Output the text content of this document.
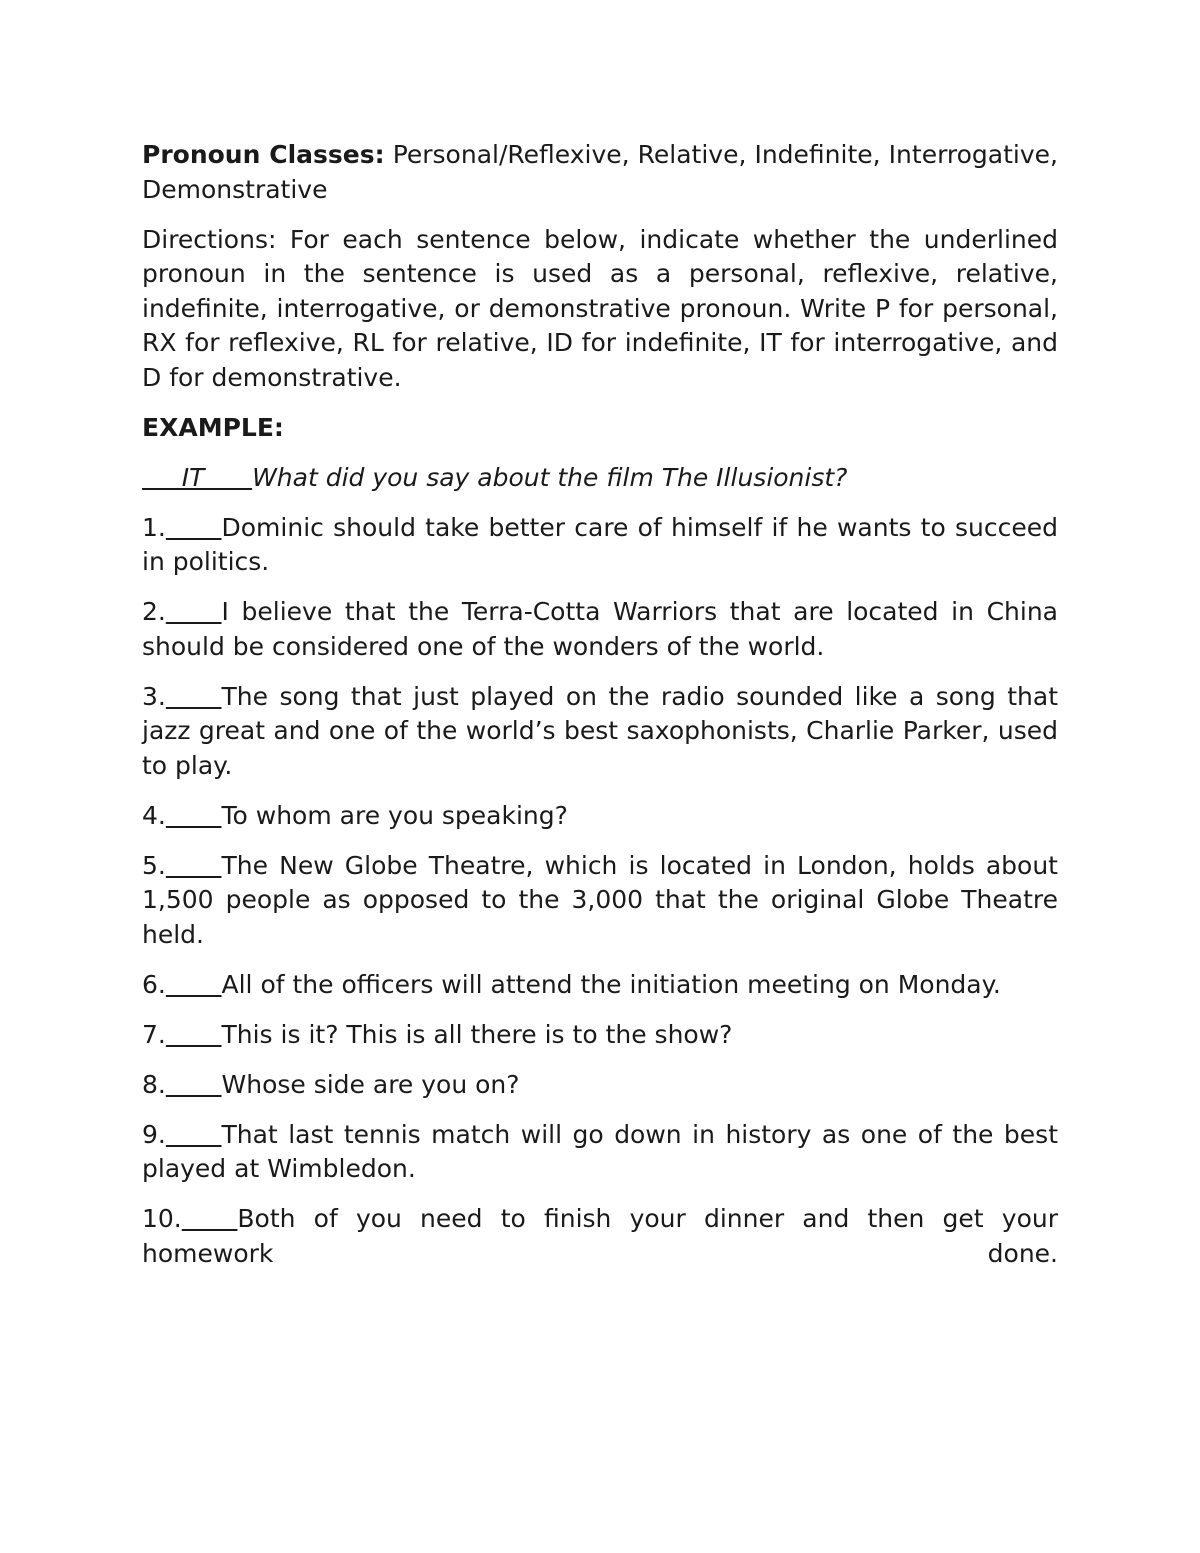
Pronoun Classes: Personal/Reflexive, Relative, Indefinite, Interrogative, Demonstrative

Directions: For each sentence below, indicate whether the underlined pronoun in the sentence is used as a personal, reflexive, relative, indefinite, interrogative, or demonstrative pronoun. Write P for personal, RX for reflexive, RL for relative, ID for indefinite, IT for interrogative, and D for demonstrative.

EXAMPLE:

IT      What did you say about the film The Illusionist?

1. Dominic should take better care of himself if he wants to succeed in politics.

2. I believe that the Terra-Cotta Warriors that are located in China should be considered one of the wonders of the world.

3. The song that just played on the radio sounded like a song that jazz great and one of the world’s best saxophonists, Charlie Parker, used to play.

4. To whom are you speaking?

5. The New Globe Theatre, which is located in London, holds about 1,500 people as opposed to the 3,000 that the original Globe Theatre held.

6. All of the officers will attend the initiation meeting on Monday.

7. This is it? This is all there is to the show?

8. Whose side are you on?

9. That last tennis match will go down in history as one of the best played at Wimbledon.

10. Both of you need to finish your dinner and then get your homework done.
